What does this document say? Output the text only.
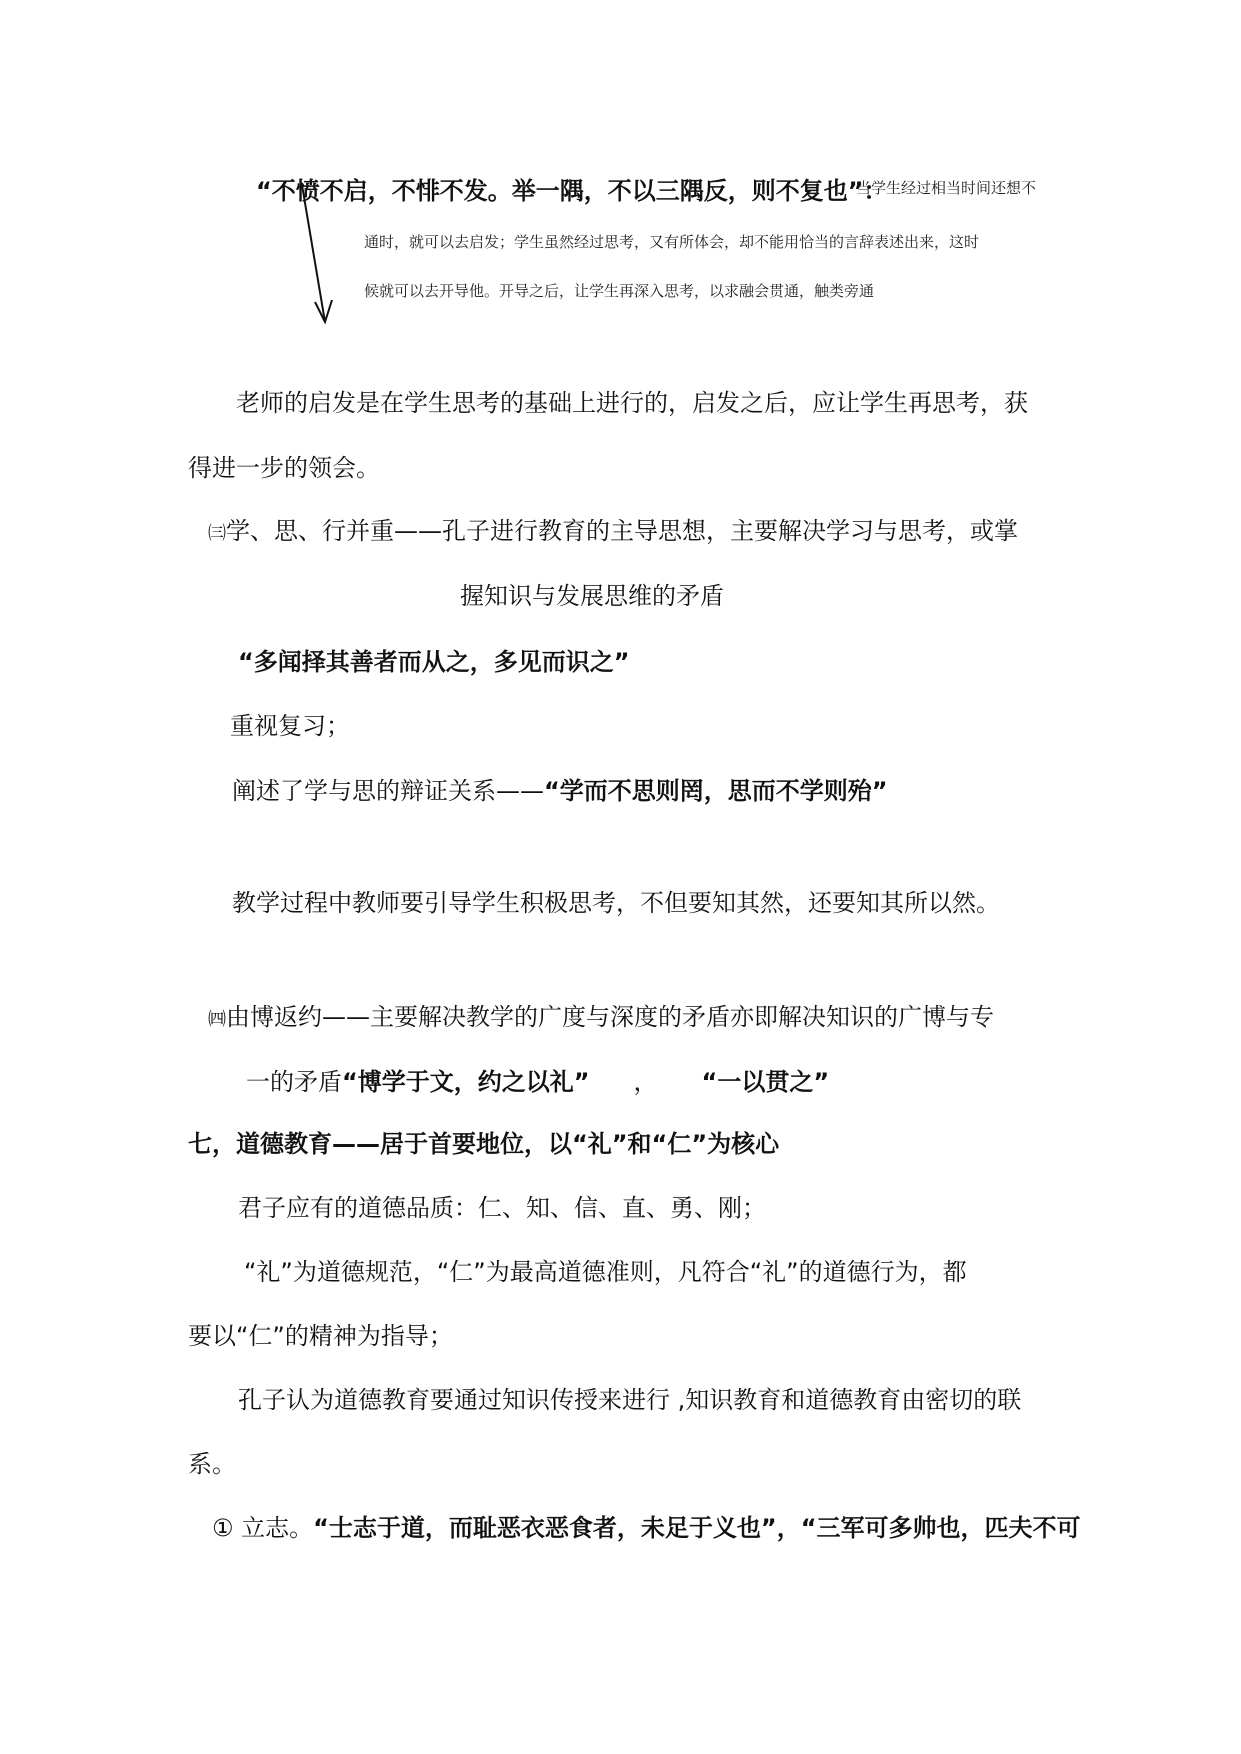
“不愤不启，不悱不发。举一隅，不以三隅反，则不复也”：
当学生经过相当时间还想不
通时，就可以去启发；学生虽然经过思考，又有所体会，却不能用恰当的言辞表述出来，这时
候就可以去开导他。开导之后，让学生再深入思考，以求融会贯通，触类旁通
老师的启发是在学生思考的基础上进行的，启发之后，应让学生再思考，获
得进一步的领会。
㈢学、思、行并重——孔子进行教育的主导思想，主要解决学习与思考，或掌
握知识与发展思维的矛盾
“多闻择其善者而从之，多见而识之”
重视复习；
阐述了学与思的辩证关系——“学而不思则罔，思而不学则殆”
教学过程中教师要引导学生积极思考，不但要知其然，还要知其所以然。
㈣由博返约——主要解决教学的广度与深度的矛盾亦即解决知识的广博与专
一的矛盾“博学于文，约之以礼” ， “一以贯之”
七，道德教育——居于首要地位，以“礼”和“仁”为核心
君子应有的道德品质：仁、知、信、直、勇、刚；
“礼”为道德规范，“仁”为最高道德准则，凡符合“礼”的道德行为，都
要以“仁”的精神为指导；
孔子认为道德教育要通过知识传授来进行 ,知识教育和道德教育由密切的联
系。
① 立志。“士志于道，而耻恶衣恶食者，未足于义也”，“三军可多帅也，匹夫不可
